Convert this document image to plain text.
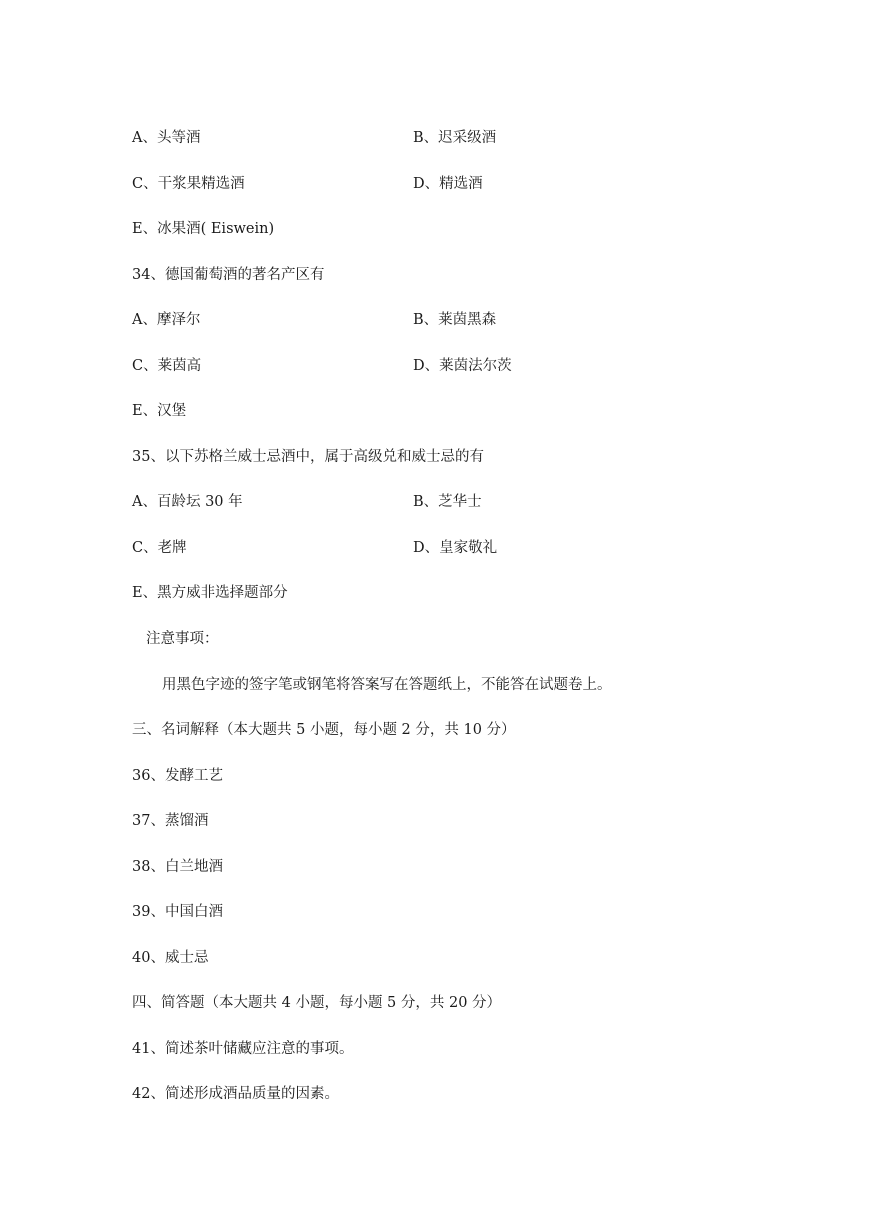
A、头等酒	B、迟采级酒
C、干浆果精选酒	D、精选酒
E、冰果酒( Eiswein)
34、德国葡萄酒的著名产区有
A、摩泽尔	B、莱茵黑森
C、莱茵高	D、莱茵法尔茨
E、汉堡
35、以下苏格兰威士忌酒中，属于高级兑和威士忌的有
A、百龄坛 30 年	B、芝华士
C、老牌	D、皇家敬礼
E、黑方威非选择题部分
注意事项：
用黑色字迹的签字笔或钢笔将答案写在答题纸上，不能答在试题卷上。
三、名词解释（本大题共 5 小题，每小题 2 分，共 10 分）
36、发酵工艺
37、蒸馏酒
38、白兰地酒
39、中国白酒
40、威士忌
四、简答题（本大题共 4 小题，每小题 5 分，共 20 分）
41、简述茶叶储藏应注意的事项。
42、简述形成酒品质量的因素。
